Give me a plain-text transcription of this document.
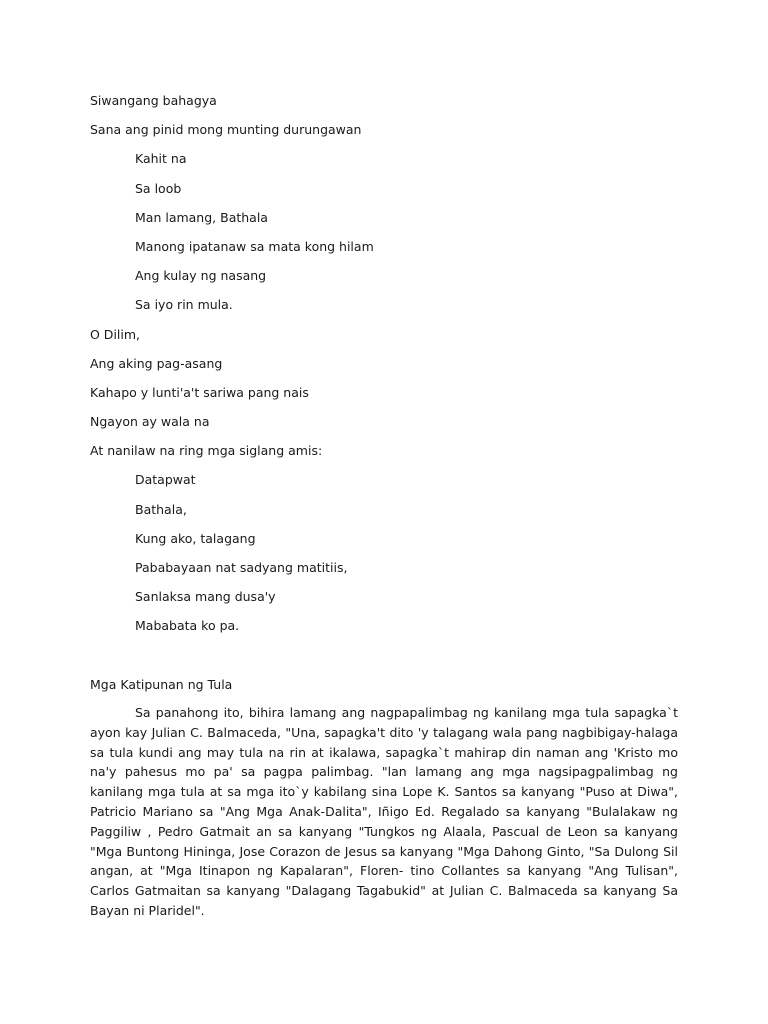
Siwangang bahagya
Sana ang pinid mong munting durungawan
Kahit na
Sa loob
Man lamang, Bathala
Manong ipatanaw sa mata kong hilam
Ang kulay ng nasang
Sa iyo rin mula.
O Dilim,
Ang aking pag-asang
Kahapo y lunti'a't sariwa pang nais
Ngayon ay wala na
At nanilaw na ring mga siglang amis:
Datapwat
Bathala,
Kung ako, talagang
Pababayaan nat sadyang matitiis,
Sanlaksa mang dusa'y
Mababata ko pa.
Mga Katipunan ng Tula
Sa panahong ito, bihira lamang ang nagpapalimbag ng kanilang mga tula sapagka`t ayon kay Julian C. Balmaceda, "Una, sapagka't dito 'y talagang wala pang nagbibigay-halaga sa tula kundi ang may tula na rin at ikalawa, sapagka`t mahirap din naman ang 'Kristo mo na'y pahesus mo pa' sa pagpa palimbag. "lan lamang ang mga nagsipagpalimbag ng kanilang mga tula at sa mga ito`y kabilang sina Lope K. Santos sa kanyang "Puso at Diwa", Patricio Mariano sa "Ang Mga Anak-Dalita", Iñigo Ed. Regalado sa kanyang "Bulalakaw ng Paggiliw , Pedro Gatmait an sa kanyang "Tungkos ng Alaala, Pascual de Leon sa kanyang "Mga Buntong Hininga, Jose Corazon de Jesus sa kanyang "Mga Dahong Ginto, "Sa Dulong Sil angan, at "Mga Itinapon ng Kapalaran", Floren- tino Collantes sa kanyang "Ang Tulisan", Carlos Gatmaitan sa kanyang "Dalagang Tagabukid" at Julian C. Balmaceda sa kanyang Sa Bayan ni Plaridel".
